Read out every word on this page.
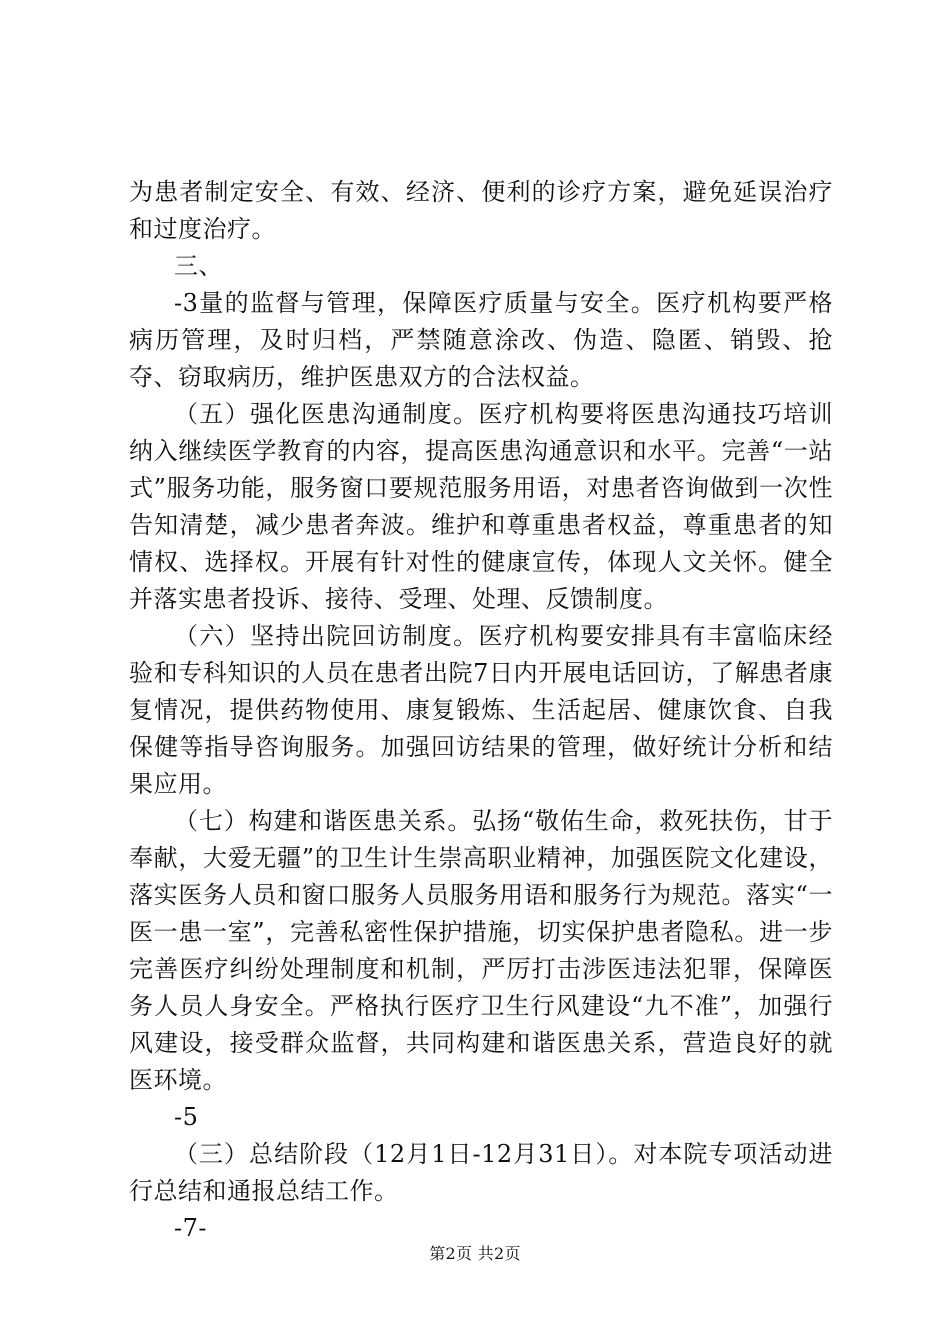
为患者制定安全、有效、经济、便利的诊疗方案，避免延误治疗和过度治疗。

三、

-3量的监督与管理，保障医疗质量与安全。医疗机构要严格病历管理，及时归档，严禁随意涂改、伪造、隐匿、销毁、抢夺、窃取病历，维护医患双方的合法权益。

（五）强化医患沟通制度。医疗机构要将医患沟通技巧培训纳入继续医学教育的内容，提高医患沟通意识和水平。完善“一站式”服务功能，服务窗口要规范服务用语，对患者咨询做到一次性告知清楚，减少患者奔波。维护和尊重患者权益，尊重患者的知情权、选择权。开展有针对性的健康宣传，体现人文关怀。健全并落实患者投诉、接待、受理、处理、反馈制度。

（六）坚持出院回访制度。医疗机构要安排具有丰富临床经验和专科知识的人员在患者出院7日内开展电话回访，了解患者康复情况，提供药物使用、康复锻炼、生活起居、健康饮食、自我保健等指导咨询服务。加强回访结果的管理，做好统计分析和结果应用。

（七）构建和谐医患关系。弘扬“敬佑生命，救死扶伤，甘于奉献，大爱无疆”的卫生计生崇高职业精神，加强医院文化建设，落实医务人员和窗口服务人员服务用语和服务行为规范。落实“一医一患一室”，完善私密性保护措施，切实保护患者隐私。进一步完善医疗纠纷处理制度和机制，严厉打击涉医违法犯罪，保障医务人员人身安全。严格执行医疗卫生行风建设“九不准”，加强行风建设，接受群众监督，共同构建和谐医患关系，营造良好的就医环境。

-5

（三）总结阶段（12月1日-12月31日）。对本院专项活动进行总结和通报总结工作。

-7-

第2页 共2页
